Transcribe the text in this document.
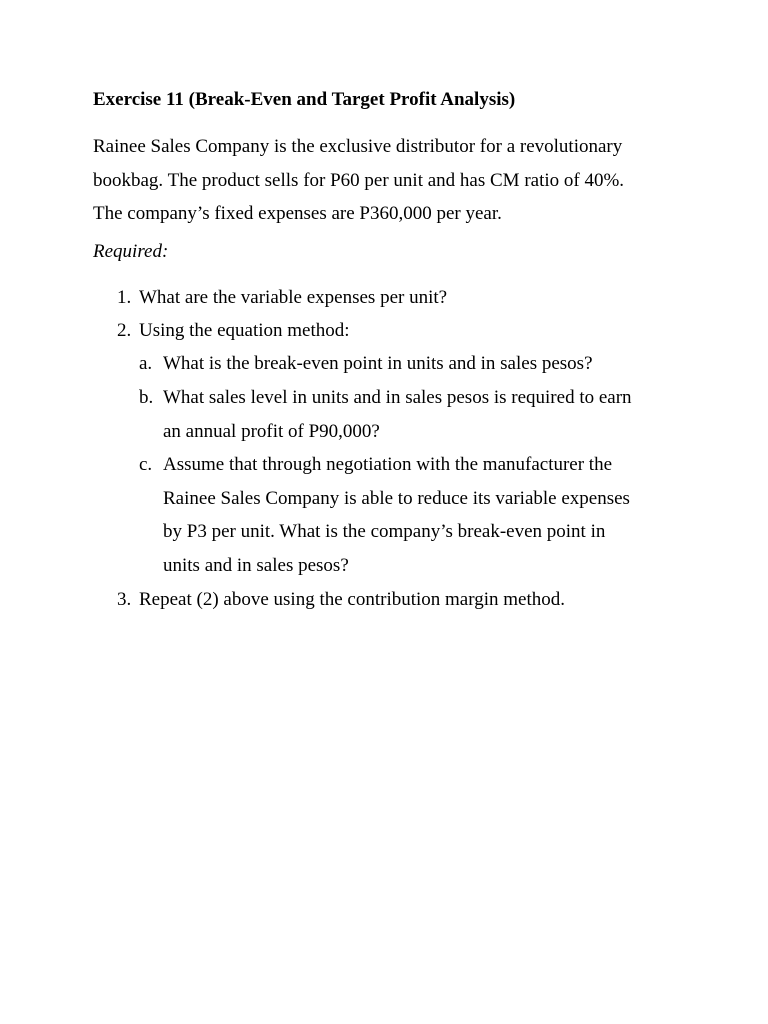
Exercise 11 (Break-Even and Target Profit Analysis)
Rainee Sales Company is the exclusive distributor for a revolutionary
bookbag. The product sells for P60 per unit and has CM ratio of 40%.
The company’s fixed expenses are P360,000 per year.
Required:
1. What are the variable expenses per unit?
2. Using the equation method:
a. What is the break-even point in units and in sales pesos?
b. What sales level in units and in sales pesos is required to earn
an annual profit of P90,000?
c. Assume that through negotiation with the manufacturer the
Rainee Sales Company is able to reduce its variable expenses
by P3 per unit. What is the company’s break-even point in
units and in sales pesos?
3. Repeat (2) above using the contribution margin method.
